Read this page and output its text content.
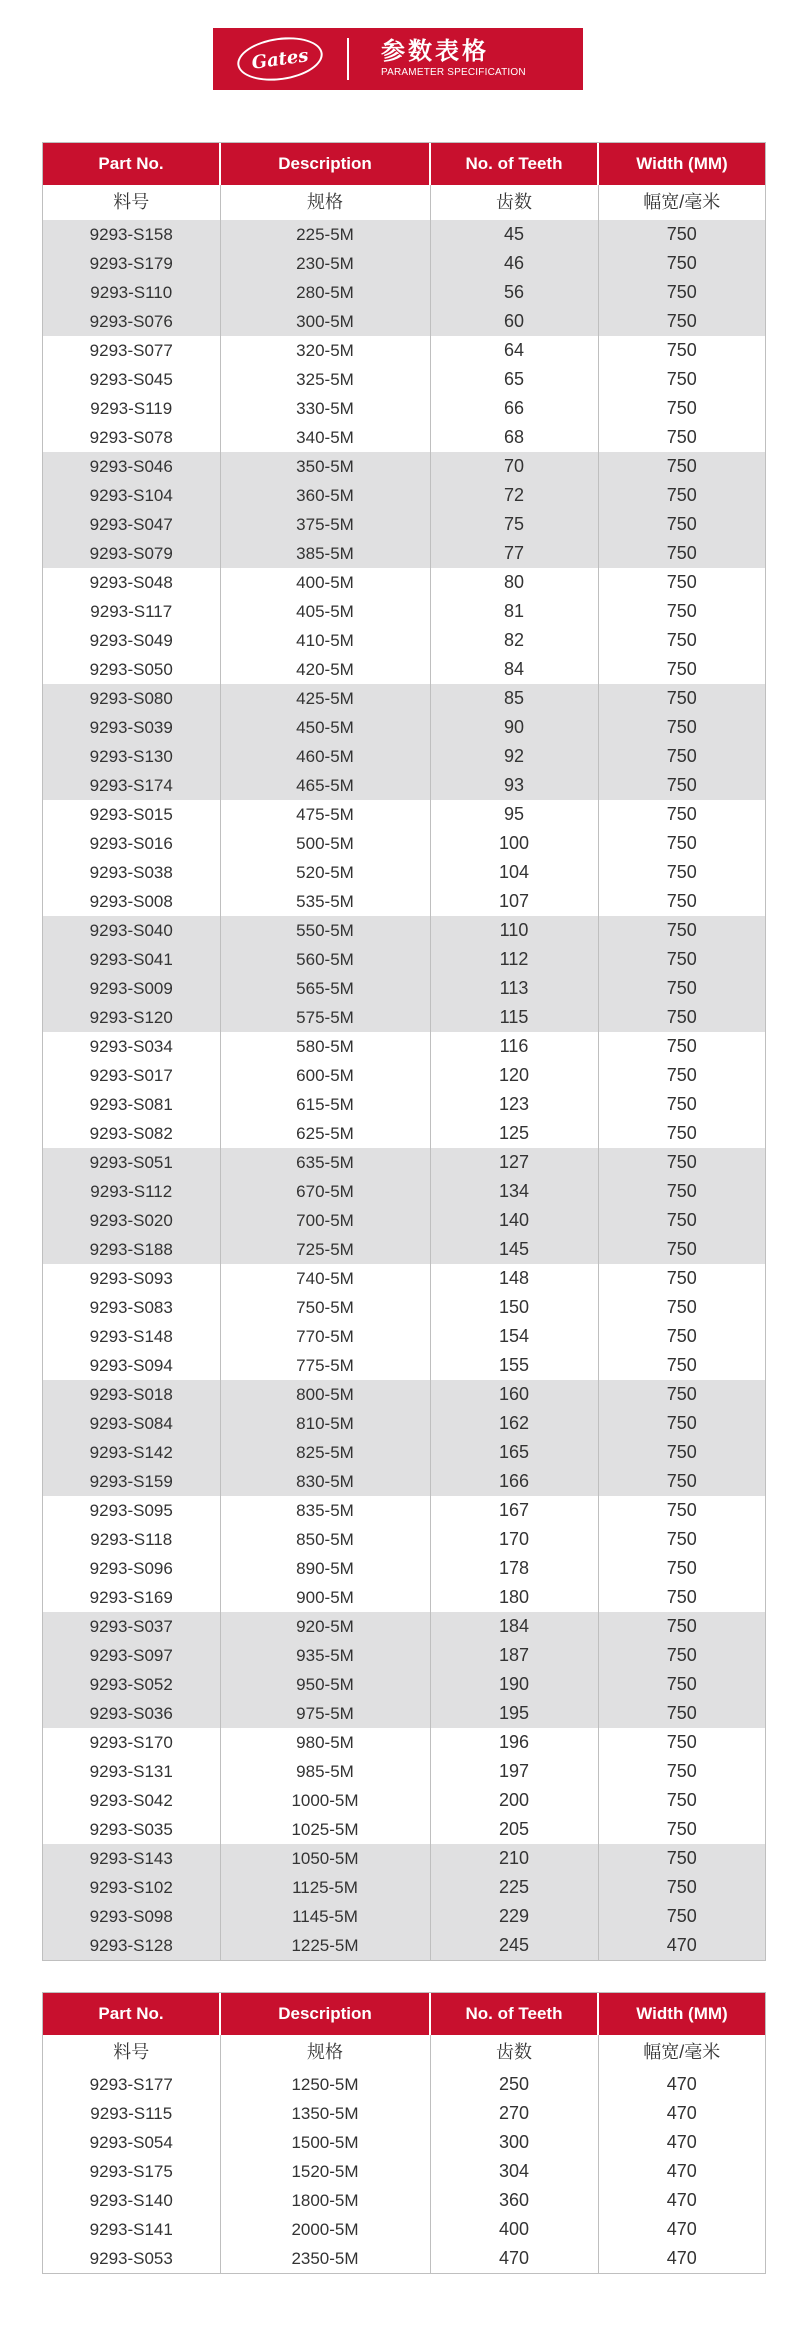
Gates	参数表格
PARAMETER SPECIFICATION
Part No.	Description	No. of Teeth	Width (MM)
料号	规格	齿数	幅宽/毫米
9293-S158	225-5M	45	750
9293-S179	230-5M	46	750
9293-S110	280-5M	56	750
9293-S076	300-5M	60	750
9293-S077	320-5M	64	750
9293-S045	325-5M	65	750
9293-S119	330-5M	66	750
9293-S078	340-5M	68	750
9293-S046	350-5M	70	750
9293-S104	360-5M	72	750
9293-S047	375-5M	75	750
9293-S079	385-5M	77	750
9293-S048	400-5M	80	750
9293-S117	405-5M	81	750
9293-S049	410-5M	82	750
9293-S050	420-5M	84	750
9293-S080	425-5M	85	750
9293-S039	450-5M	90	750
9293-S130	460-5M	92	750
9293-S174	465-5M	93	750
9293-S015	475-5M	95	750
9293-S016	500-5M	100	750
9293-S038	520-5M	104	750
9293-S008	535-5M	107	750
9293-S040	550-5M	110	750
9293-S041	560-5M	112	750
9293-S009	565-5M	113	750
9293-S120	575-5M	115	750
9293-S034	580-5M	116	750
9293-S017	600-5M	120	750
9293-S081	615-5M	123	750
9293-S082	625-5M	125	750
9293-S051	635-5M	127	750
9293-S112	670-5M	134	750
9293-S020	700-5M	140	750
9293-S188	725-5M	145	750
9293-S093	740-5M	148	750
9293-S083	750-5M	150	750
9293-S148	770-5M	154	750
9293-S094	775-5M	155	750
9293-S018	800-5M	160	750
9293-S084	810-5M	162	750
9293-S142	825-5M	165	750
9293-S159	830-5M	166	750
9293-S095	835-5M	167	750
9293-S118	850-5M	170	750
9293-S096	890-5M	178	750
9293-S169	900-5M	180	750
9293-S037	920-5M	184	750
9293-S097	935-5M	187	750
9293-S052	950-5M	190	750
9293-S036	975-5M	195	750
9293-S170	980-5M	196	750
9293-S131	985-5M	197	750
9293-S042	1000-5M	200	750
9293-S035	1025-5M	205	750
9293-S143	1050-5M	210	750
9293-S102	1125-5M	225	750
9293-S098	1145-5M	229	750
9293-S128	1225-5M	245	470
Part No.	Description	No. of Teeth	Width (MM)
料号	规格	齿数	幅宽/毫米
9293-S177	1250-5M	250	470
9293-S115	1350-5M	270	470
9293-S054	1500-5M	300	470
9293-S175	1520-5M	304	470
9293-S140	1800-5M	360	470
9293-S141	2000-5M	400	470
9293-S053	2350-5M	470	470
